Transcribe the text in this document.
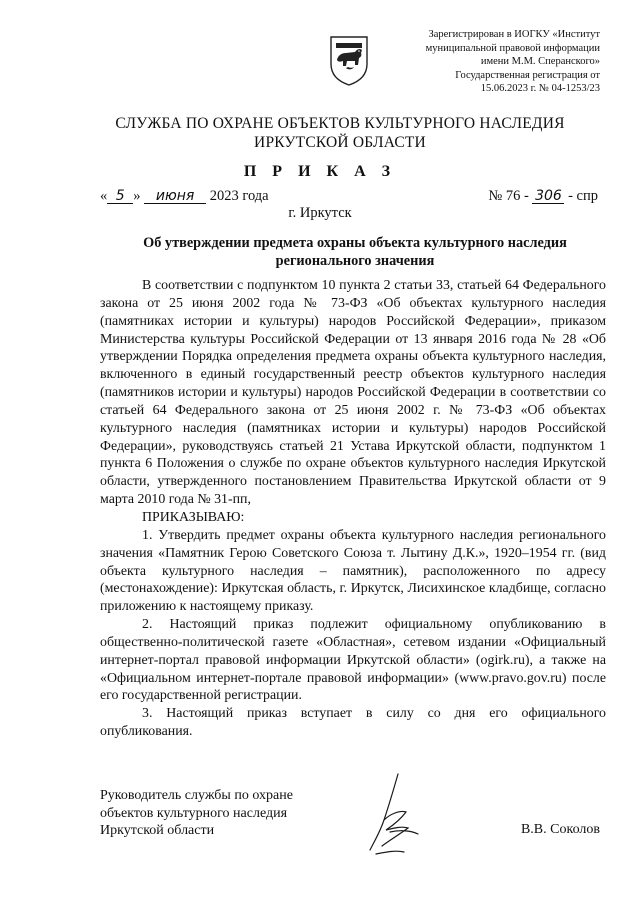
Зарегистрирован в ИОГКУ «Институт
муниципальной правовой информации
имени М.М. Сперанского»
Государственная регистрация от
15.06.2023 г. № 04-1253/23
СЛУЖБА ПО ОХРАНЕ ОБЪЕКТОВ КУЛЬТУРНОГО НАСЛЕДИЯ
ИРКУТСКОЙ ОБЛАСТИ
П Р И К А З
« 5 » июня 2023 года	№ 76 - 306 - спр
г. Иркутск
Об утверждении предмета охраны объекта культурного наследия
регионального значения

В соответствии с подпунктом 10 пункта 2 статьи 33, статьей 64 Федерального закона от 25 июня 2002 года № 73-ФЗ «Об объектах культурного наследия (памятниках истории и культуры) народов Российской Федерации», приказом Министерства культуры Российской Федерации от 13 января 2016 года № 28 «Об утверждении Порядка определения предмета охраны объекта культурного наследия, включенного в единый государственный реестр объектов культурного наследия (памятников истории и культуры) народов Российской Федерации в соответствии со статьей 64 Федерального закона от 25 июня 2002 г. № 73-ФЗ «Об объектах культурного наследия (памятниках истории и культуры) народов Российской Федерации», руководствуясь статьей 21 Устава Иркутской области, подпунктом 1 пункта 6 Положения о службе по охране объектов культурного наследия Иркутской области, утвержденного постановлением Правительства Иркутской области от 9 марта 2010 года № 31-пп,

ПРИКАЗЫВАЮ:

1. Утвердить предмет охраны объекта культурного наследия регионального значения «Памятник Герою Советского Союза т. Лытину Д.К.», 1920–1954 гг. (вид объекта культурного наследия – памятник), расположенного по адресу (местонахождение): Иркутская область, г. Иркутск, Лисихинское кладбище, согласно приложению к настоящему приказу.

2. Настоящий приказ подлежит официальному опубликованию в общественно-политической газете «Областная», сетевом издании «Официальный интернет-портал правовой информации Иркутской области» (ogirk.ru), а также на «Официальном интернет-портале правовой информации» (www.pravo.gov.ru) после его государственной регистрации.

3. Настоящий приказ вступает в силу со дня его официального опубликования.

Руководитель службы по охране
объектов культурного наследия
Иркутской области	В.В. Соколов
